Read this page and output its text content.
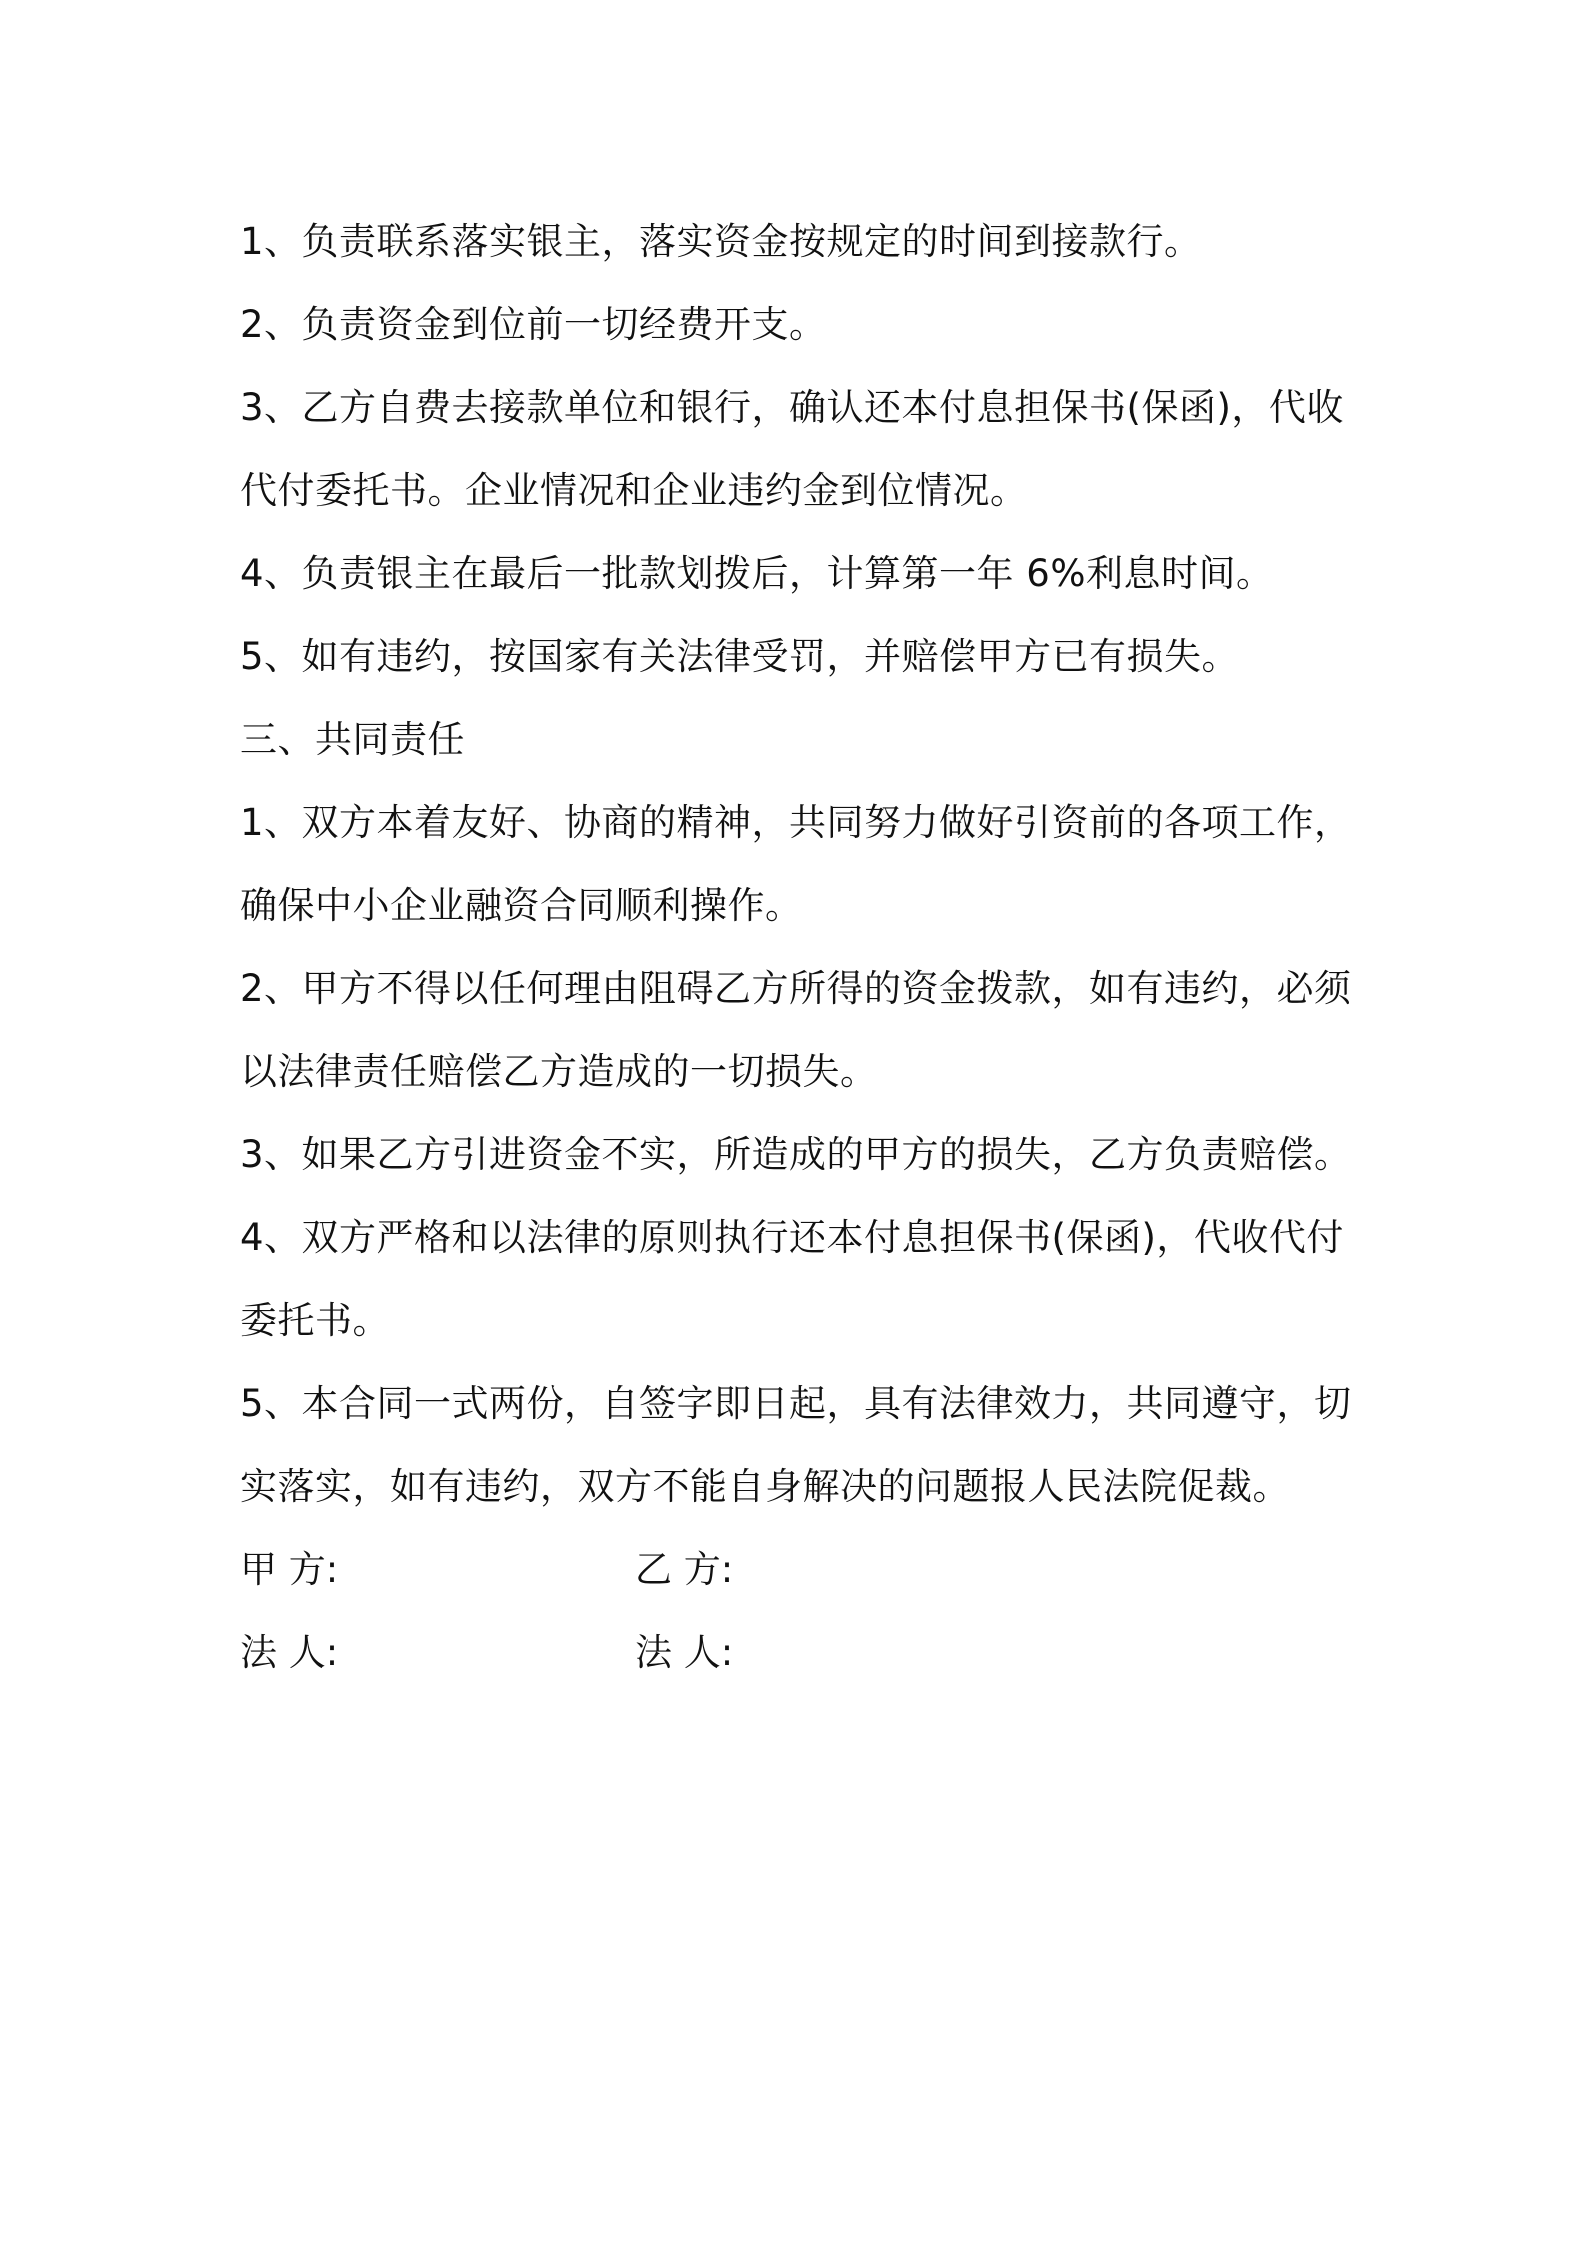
1、负责联系落实银主，落实资金按规定的时间到接款行。

2、负责资金到位前一切经费开支。

3、乙方自费去接款单位和银行，确认还本付息担保书(保函)，代收代付委托书。企业情况和企业违约金到位情况。

4、负责银主在最后一批款划拨后，计算第一年 6%利息时间。

5、如有违约，按国家有关法律受罚，并赔偿甲方已有损失。

三、共同责任

1、双方本着友好、协商的精神，共同努力做好引资前的各项工作，确保中小企业融资合同顺利操作。

2、甲方不得以任何理由阻碍乙方所得的资金拨款，如有违约，必须以法律责任赔偿乙方造成的一切损失。

3、如果乙方引进资金不实，所造成的甲方的损失，乙方负责赔偿。

4、双方严格和以法律的原则执行还本付息担保书(保函)，代收代付委托书。

5、本合同一式两份，自签字即日起，具有法律效力，共同遵守，切实落实，如有违约，双方不能自身解决的问题报人民法院促裁。

甲 方:	乙 方:
法 人:	法 人:
